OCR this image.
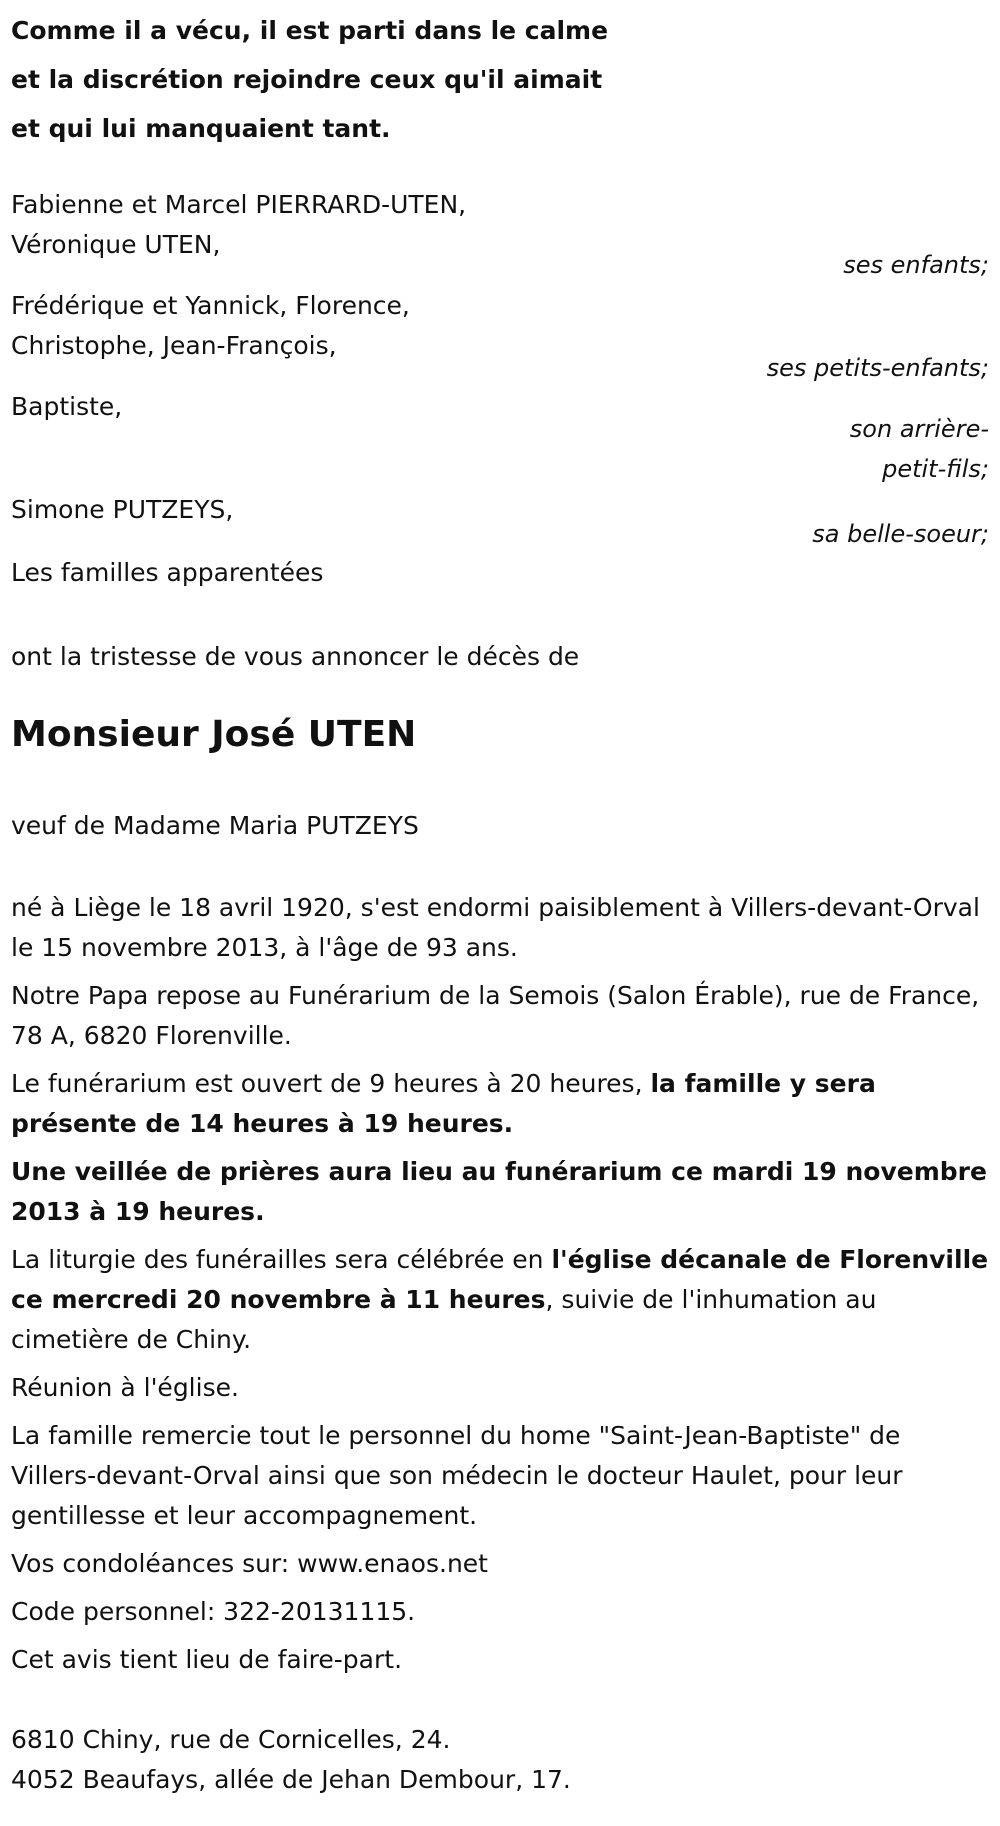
Comme il a vécu, il est parti dans le calme

et la discrétion rejoindre ceux qu'il aimait

et qui lui manquaient tant.

Fabienne et Marcel PIERRARD-UTEN,

Véronique UTEN,

ses enfants;

Frédérique et Yannick, Florence,

Christophe, Jean-François,

ses petits-enfants;

Baptiste,

son arrière-

petit-fils;

Simone PUTZEYS,

sa belle-soeur;

Les familles apparentées

ont la tristesse de vous annoncer le décès de
Monsieur José UTEN
veuf de Madame Maria PUTZEYS

né à Liège le 18 avril 1920, s'est endormi paisiblement à Villers-devant-Orval le 15 novembre 2013, à l'âge de 93 ans.

Notre Papa repose au Funérarium de la Semois (Salon Érable), rue de France, 78 A, 6820 Florenville.

Le funérarium est ouvert de 9 heures à 20 heures, la famille y sera présente de 14 heures à 19 heures.

Une veillée de prières aura lieu au funérarium ce mardi 19 novembre 2013 à 19 heures.

La liturgie des funérailles sera célébrée en l'église décanale de Florenville ce mercredi 20 novembre à 11 heures, suivie de l'inhumation au cimetière de Chiny.

Réunion à l'église.

La famille remercie tout le personnel du home "Saint-Jean-Baptiste" de Villers-devant-Orval ainsi que son médecin le docteur Haulet, pour leur gentillesse et leur accompagnement.

Vos condoléances sur: www.enaos.net

Code personnel: 322-20131115.

Cet avis tient lieu de faire-part.

6810 Chiny, rue de Cornicelles, 24.

4052 Beaufays, allée de Jehan Dembour, 17.
